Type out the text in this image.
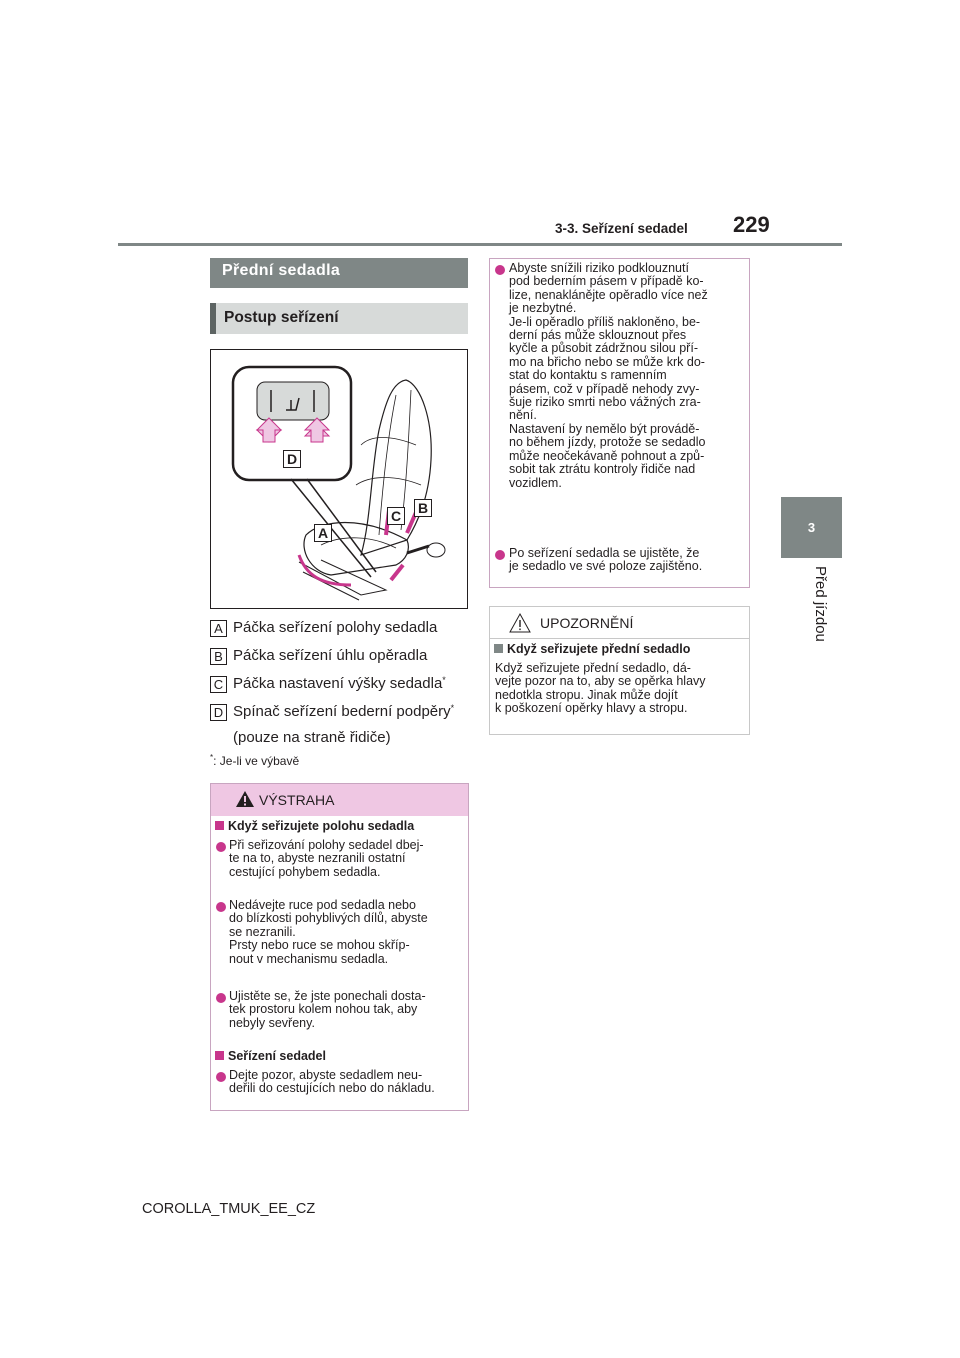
3-3. Seřízení sedadel 229
3
Před jízdou
Přední sedadla
Postup seřízení
D
A
C B
A Páčka seřízení polohy sedadla
B Páčka seřízení úhlu opěradla
C Páčka nastavení výšky sedadla*
D Spínač seřízení bederní podpěry*
(pouze na straně řidiče)
*: Je-li ve výbavě
VÝSTRAHA
Když seřizujete polohu sedadla
Při seřizování polohy sedadel dbej-
te na to, abyste nezranili ostatní
cestující pohybem sedadla.
Nedávejte ruce pod sedadla nebo
do blízkosti pohyblivých dílů, abyste
se nezranili.
Prsty nebo ruce se mohou skříp-
nout v mechanismu sedadla.
Ujistěte se, že jste ponechali dosta-
tek prostoru kolem nohou tak, aby
nebyly sevřeny.
Seřízení sedadel
Dejte pozor, abyste sedadlem neu-
deřili do cestujících nebo do nákladu.
Abyste snížili riziko podklouznutí
pod bederním pásem v případě ko-
lize, nenaklánějte opěradlo více než
je nezbytné.
Je-li opěradlo příliš nakloněno, be-
derní pás může sklouznout přes
kyčle a působit zádržnou silou pří-
mo na břicho nebo se může krk do-
stat do kontaktu s ramenním
pásem, což v případě nehody zvy-
šuje riziko smrti nebo vážných zra-
nění.
Nastavení by nemělo být provádě-
no během jízdy, protože se sedadlo
může neočekávaně pohnout a způ-
sobit tak ztrátu kontroly řidiče nad
vozidlem.
Po seřízení sedadla se ujistěte, že
je sedadlo ve své poloze zajištěno.
UPOZORNĚNÍ
Když seřizujete přední sedadlo
Když seřizujete přední sedadlo, dá-
vejte pozor na to, aby se opěrka hlavy
nedotkla stropu. Jinak může dojít
k poškození opěrky hlavy a stropu.
COROLLA_TMUK_EE_CZ
